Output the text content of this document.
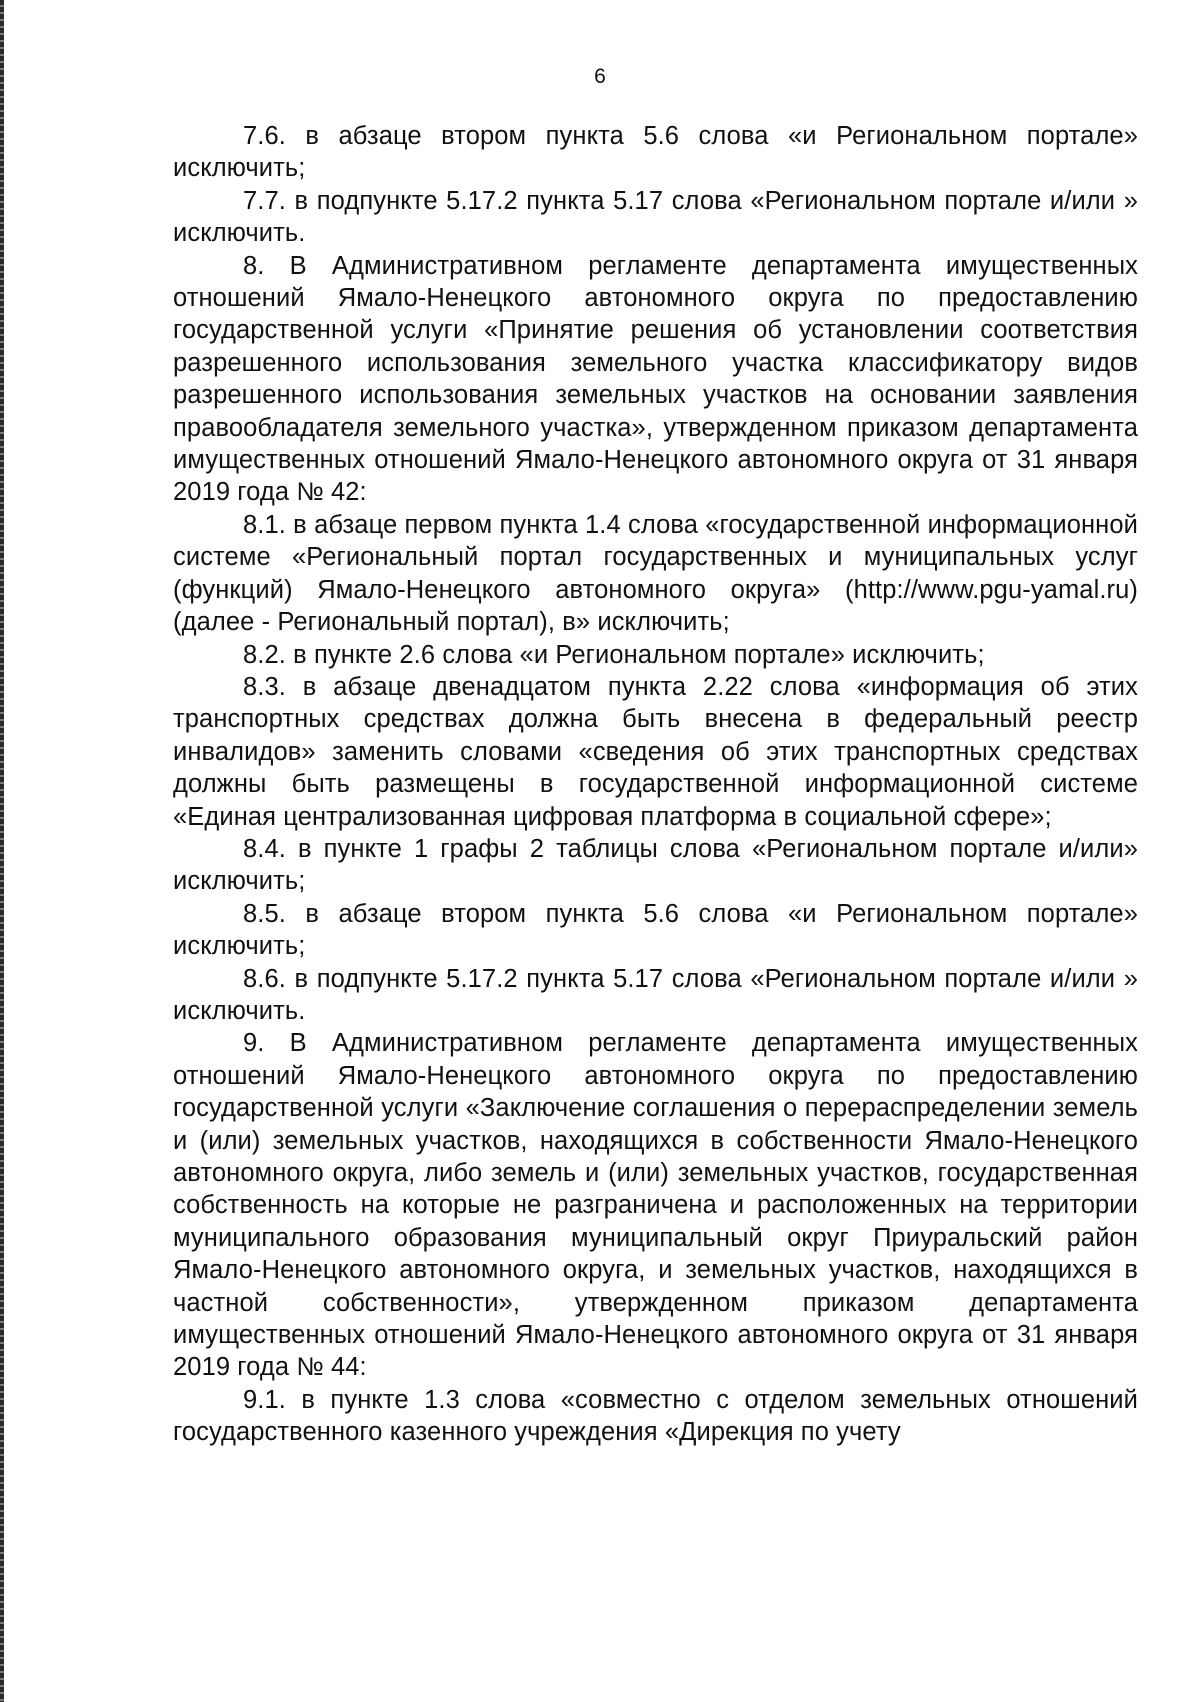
6

7.6. в абзаце втором пункта 5.6 слова «и Региональном портале» исключить;

7.7. в подпункте 5.17.2 пункта 5.17 слова «Региональном портале и/или » исключить.

8. В Административном регламенте департамента имущественных отношений Ямало-Ненецкого автономного округа по предоставлению государственной услуги «Принятие решения об установлении соответствия разрешенного использования земельного участка классификатору видов разрешенного использования земельных участков на основании заявления правообладателя земельного участка», утвержденном приказом департамента имущественных отношений Ямало-Ненецкого автономного округа от 31 января 2019 года № 42:

8.1. в абзаце первом пункта 1.4 слова «государственной информационной системе «Региональный портал государственных и муниципальных услуг (функций) Ямало-Ненецкого автономного округа» (http://www.pgu-yamal.ru) (далее - Региональный портал), в» исключить;

8.2. в пункте 2.6 слова «и Региональном портале» исключить;

8.3. в абзаце двенадцатом пункта 2.22 слова «информация об этих транспортных средствах должна быть внесена в федеральный реестр инвалидов» заменить словами «сведения об этих транспортных средствах должны быть размещены в государственной информационной системе «Единая централизованная цифровая платформа в социальной сфере»;

8.4. в пункте 1 графы 2 таблицы слова «Региональном портале и/или» исключить;

8.5. в абзаце втором пункта 5.6 слова «и Региональном портале» исключить;

8.6. в подпункте 5.17.2 пункта 5.17 слова «Региональном портале и/или » исключить.

9. В Административном регламенте департамента имущественных отношений Ямало-Ненецкого автономного округа по предоставлению государственной услуги «Заключение соглашения о перераспределении земель и (или) земельных участков, находящихся в собственности Ямало-Ненецкого автономного округа, либо земель и (или) земельных участков, государственная собственность на которые не разграничена и расположенных на территории муниципального образования муниципальный округ Приуральский район Ямало-Ненецкого автономного округа, и земельных участков, находящихся в частной собственности», утвержденном приказом департамента имущественных отношений Ямало-Ненецкого автономного округа от 31 января 2019 года № 44:

9.1. в пункте 1.3 слова «совместно с отделом земельных отношений государственного казенного учреждения «Дирекция по учету
